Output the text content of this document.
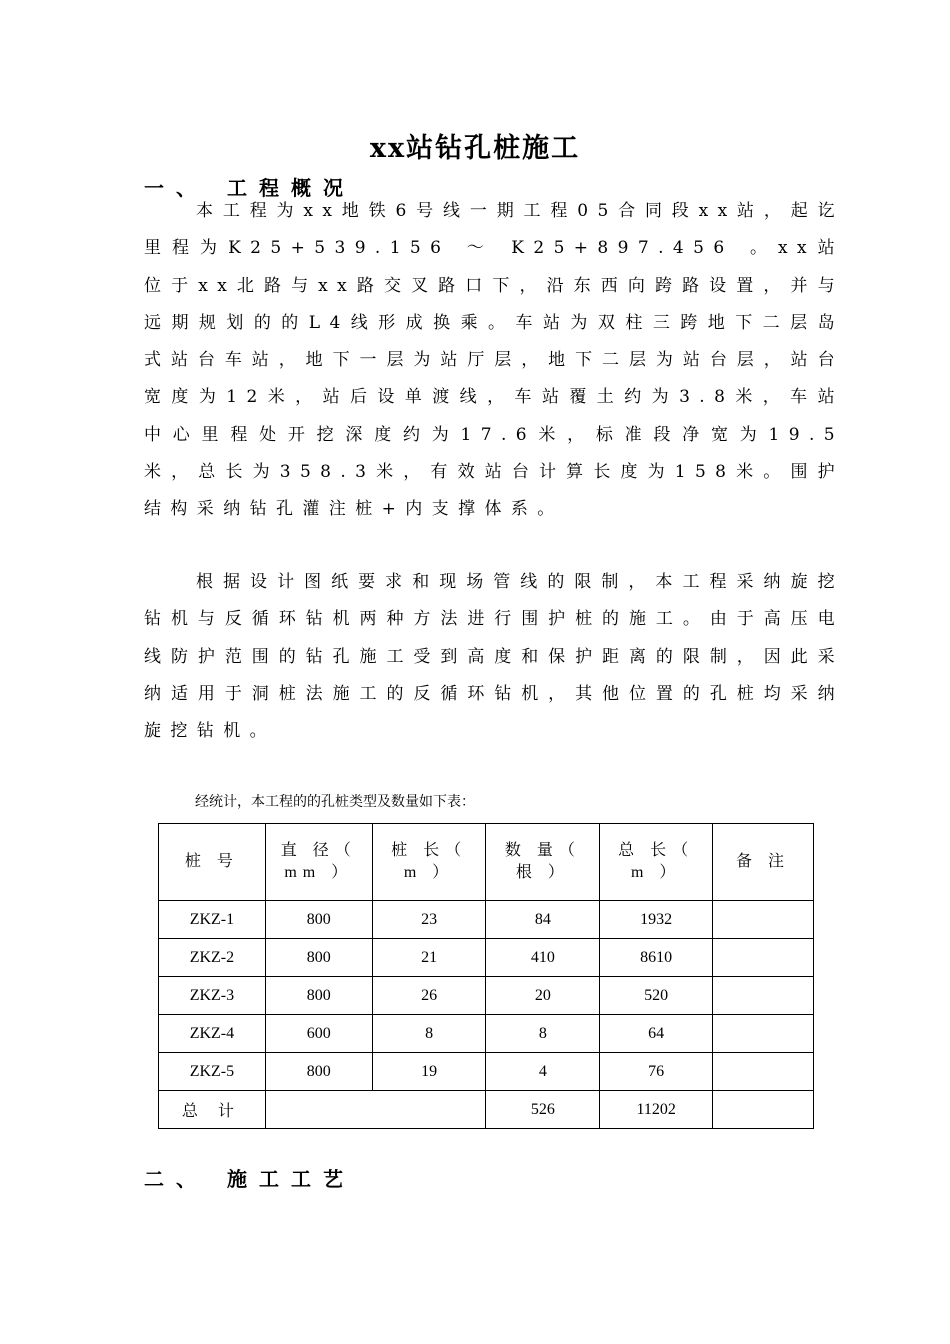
xx站钻孔桩施工
一、 工程概况
本工程为xx地铁6号线一期工程05合同段xx站，起讫里程为K25+539.156 ～ K25+897.456 。xx站位于xx北路与xx路交叉路口下，沿东西向跨路设置，并与远期规划的的L4线形成换乘。车站为双柱三跨地下二层岛式站台车站，地下一层为站厅层，地下二层为站台层，站台宽度为12米，站后设单渡线，车站覆土约为3.8米，车站中心里程处开挖深度约为17.6米，标准段净宽为19.5米，总长为358.3米，有效站台计算长度为158米。围护结构采纳钻孔灌注桩+内支撑体系。
根据设计图纸要求和现场管线的限制，本工程采纳旋挖钻机与反循环钻机两种方法进行围护桩的施工。由于高压电线防护范围的钻孔施工受到高度和保护距离的限制，因此采纳适用于洞桩法施工的反循环钻机，其他位置的孔桩均采纳旋挖钻机。
经统计，本工程的的孔桩类型及数量如下表：
桩 号	直 径（ mm ）	桩 长（ m ）	数 量（ 根 ）	总 长（ m ）	备 注
ZKZ-1	800	23	84	1932	
ZKZ-2	800	21	410	8610	
ZKZ-3	800	26	20	520	
ZKZ-4	600	8	8	64	
ZKZ-5	800	19	4	76	
总 计			526	11202	
二、 施工工艺
